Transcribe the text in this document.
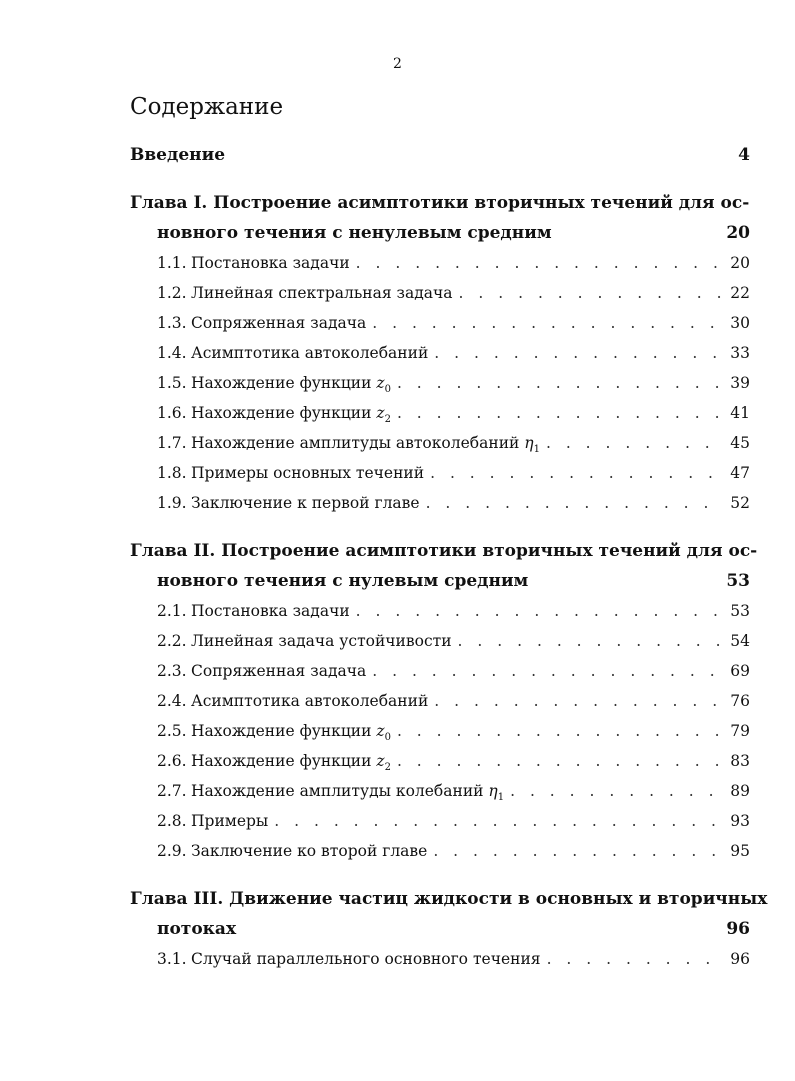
2
Содержание
Введение	4
Глава I. Построение асимптотики вторичных течений для ос-
новного течения с ненулевым средним	20
1.1. Постановка задачи . . .	20
1.2. Линейная спектральная задача . . .	22
1.3. Сопряженная задача . . .	30
1.4. Асимптотика автоколебаний . . .	33
1.5. Нахождение функции $z_0$ . . .	39
1.6. Нахождение функции $z_2$ . . .	41
1.7. Нахождение амплитуды автоколебаний $\eta_1$ . . .	45
1.8. Примеры основных течений . . .	47
1.9. Заключение к первой главе . . .	52
Глава II. Построение асимптотики вторичных течений для ос-
новного течения с нулевым средним	53
2.1. Постановка задачи . . .	53
2.2. Линейная задача устойчивости . . .	54
2.3. Сопряженная задача . . .	69
2.4. Асимптотика автоколебаний . . .	76
2.5. Нахождение функции $z_0$ . . .	79
2.6. Нахождение функции $z_2$ . . .	83
2.7. Нахождение амплитуды колебаний $\eta_1$ . . .	89
2.8. Примеры . . .	93
2.9. Заключение ко второй главе . . .	95
Глава III. Движение частиц жидкости в основных и вторичных
потоках	96
3.1. Случай параллельного основного течения . . .	96
